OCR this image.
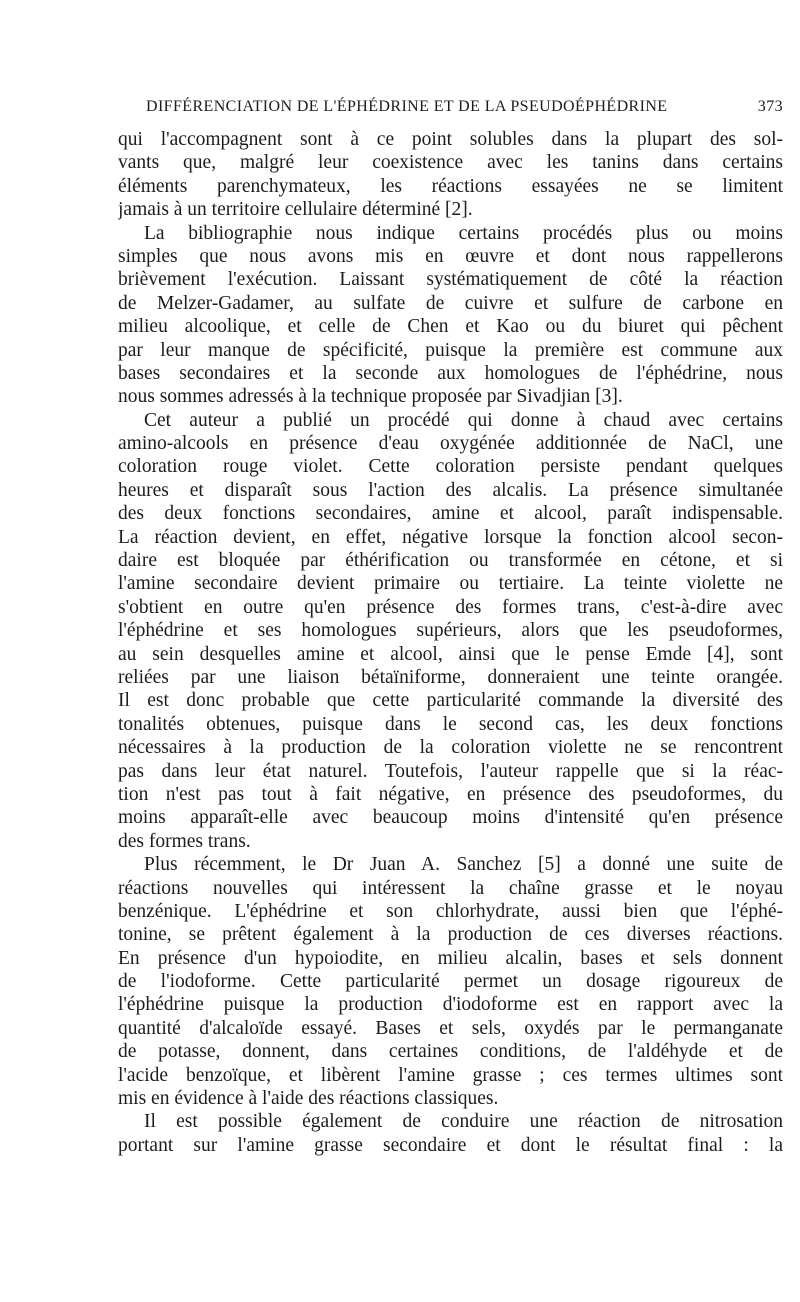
DIFFÉRENCIATION DE L'ÉPHÉDRINE ET DE LA PSEUDOÉPHÉDRINE	373
qui l'accompagnent sont à ce point solubles dans la plupart des sol-
vants que, malgré leur coexistence avec les tanins dans certains
éléments parenchymateux, les réactions essayées ne se limitent
jamais à un territoire cellulaire déterminé [2].
La bibliographie nous indique certains procédés plus ou moins
simples que nous avons mis en œuvre et dont nous rappellerons
brièvement l'exécution. Laissant systématiquement de côté la réaction
de Melzer-Gadamer, au sulfate de cuivre et sulfure de carbone en
milieu alcoolique, et celle de Chen et Kao ou du biuret qui pêchent
par leur manque de spécificité, puisque la première est commune aux
bases secondaires et la seconde aux homologues de l'éphédrine, nous
nous sommes adressés à la technique proposée par Sivadjian [3].
Cet auteur a publié un procédé qui donne à chaud avec certains
amino-alcools en présence d'eau oxygénée additionnée de NaCl, une
coloration rouge violet. Cette coloration persiste pendant quelques
heures et disparaît sous l'action des alcalis. La présence simultanée
des deux fonctions secondaires, amine et alcool, paraît indispensable.
La réaction devient, en effet, négative lorsque la fonction alcool secon-
daire est bloquée par éthérification ou transformée en cétone, et si
l'amine secondaire devient primaire ou tertiaire. La teinte violette ne
s'obtient en outre qu'en présence des formes trans, c'est-à-dire avec
l'éphédrine et ses homologues supérieurs, alors que les pseudoformes,
au sein desquelles amine et alcool, ainsi que le pense Emde [4], sont
reliées par une liaison bétaïniforme, donneraient une teinte orangée.
Il est donc probable que cette particularité commande la diversité des
tonalités obtenues, puisque dans le second cas, les deux fonctions
nécessaires à la production de la coloration violette ne se rencontrent
pas dans leur état naturel. Toutefois, l'auteur rappelle que si la réac-
tion n'est pas tout à fait négative, en présence des pseudoformes, du
moins apparaît-elle avec beaucoup moins d'intensité qu'en présence
des formes trans.
Plus récemment, le Dr Juan A. Sanchez [5] a donné une suite de
réactions nouvelles qui intéressent la chaîne grasse et le noyau
benzénique. L'éphédrine et son chlorhydrate, aussi bien que l'éphé-
tonine, se prêtent également à la production de ces diverses réactions.
En présence d'un hypoiodite, en milieu alcalin, bases et sels donnent
de l'iodoforme. Cette particularité permet un dosage rigoureux de
l'éphédrine puisque la production d'iodoforme est en rapport avec la
quantité d'alcaloïde essayé. Bases et sels, oxydés par le permanganate
de potasse, donnent, dans certaines conditions, de l'aldéhyde et de
l'acide benzoïque, et libèrent l'amine grasse ; ces termes ultimes sont
mis en évidence à l'aide des réactions classiques.
Il est possible également de conduire une réaction de nitrosation
portant sur l'amine grasse secondaire et dont le résultat final : la
